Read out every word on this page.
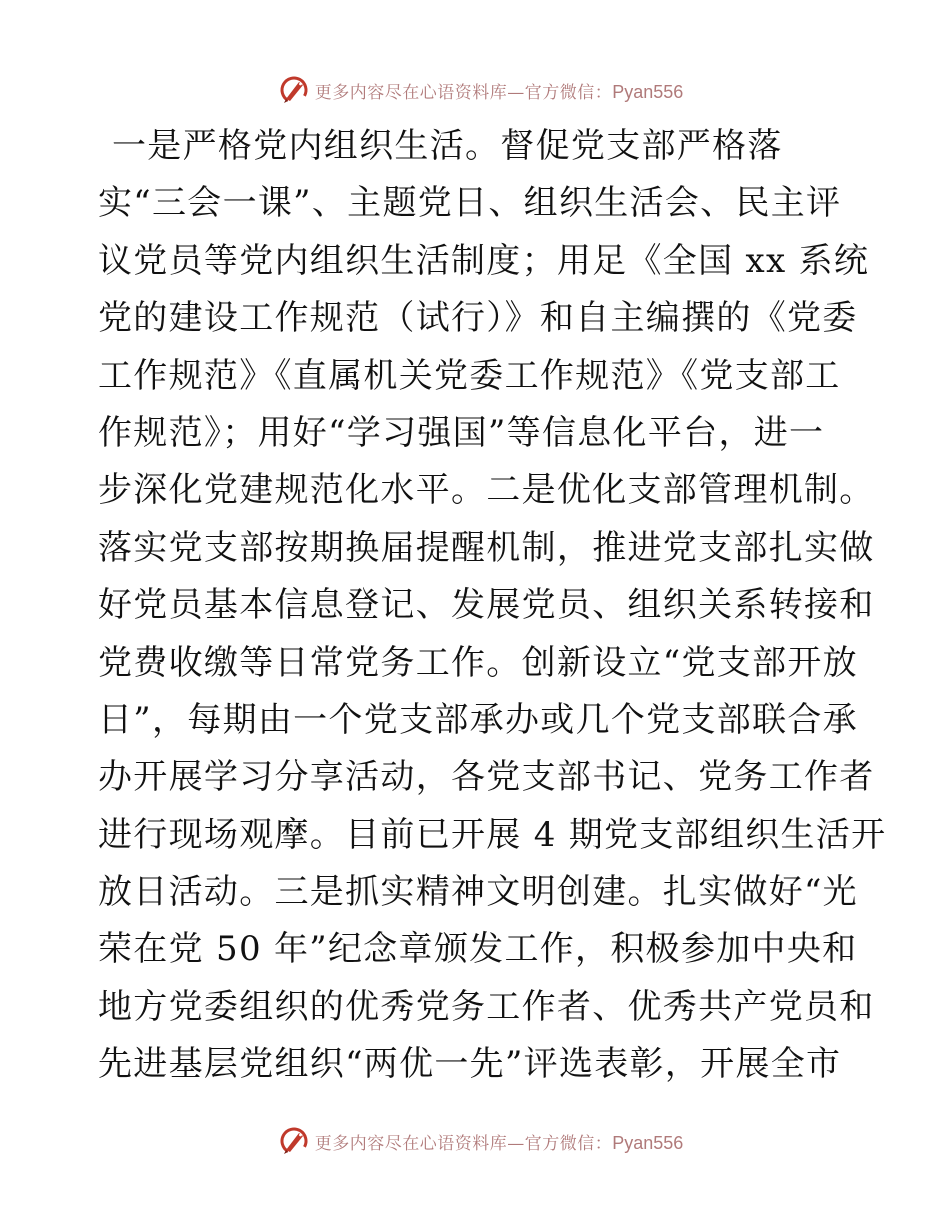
更多内容尽在心语资料库—官方微信：Pyan556
一是严格党内组织生活。督促党支部严格落
实“三会一课”、主题党日、组织生活会、民主评
议党员等党内组织生活制度；用足《全国 xx 系统
党的建设工作规范（试行）》和自主编撰的《党委
工作规范》《直属机关党委工作规范》《党支部工
作规范》；用好“学习强国”等信息化平台，进一
步深化党建规范化水平。二是优化支部管理机制。
落实党支部按期换届提醒机制，推进党支部扎实做
好党员基本信息登记、发展党员、组织关系转接和
党费收缴等日常党务工作。创新设立“党支部开放
日”，每期由一个党支部承办或几个党支部联合承
办开展学习分享活动，各党支部书记、党务工作者
进行现场观摩。目前已开展 4 期党支部组织生活开
放日活动。三是抓实精神文明创建。扎实做好“光
荣在党 50 年”纪念章颁发工作，积极参加中央和
地方党委组织的优秀党务工作者、优秀共产党员和
先进基层党组织“两优一先”评选表彰，开展全市
更多内容尽在心语资料库—官方微信：Pyan556
